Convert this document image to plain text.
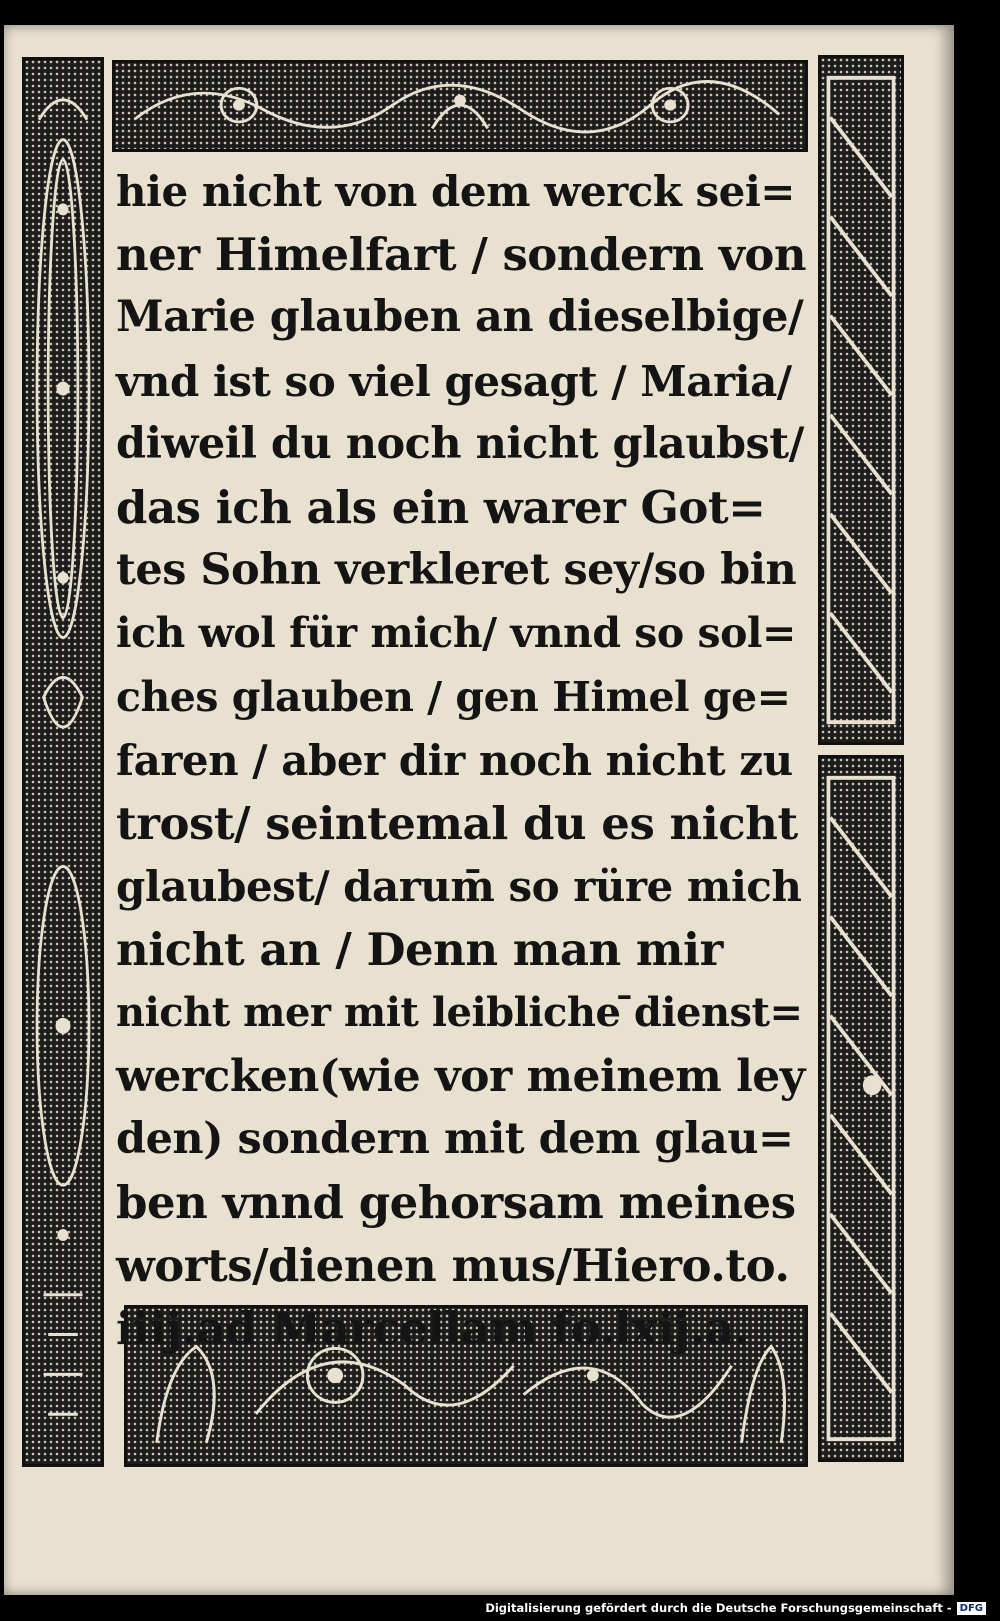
hie nicht von dem werck sei=
ner Himelfart / sondern von
Marie glauben an dieselbige/
vnd ist so viel gesagt / Maria/
diweil du noch nicht glaubst/
das ich als ein warer Got=
tes Sohn verkleret sey/so bin
ich wol für mich/ vnnd so sol=
ches glauben / gen Himel ge=
faren / aber dir noch nicht zu
trost/ seintemal du es nicht
glaubest/ darum̄ so rüre mich
nicht an / Denn man mir
nicht mer mit leibliche ̄dienst=
wercken(wie vor meinem ley
den) sondern mit dem glau=
ben vnnd gehorsam meines
worts/dienen mus/Hiero.to.
iiij.ad Marcellam fo.lxij.a.
Digitalisierung gefördert durch die Deutsche Forschungsgemeinschaft - DFG
